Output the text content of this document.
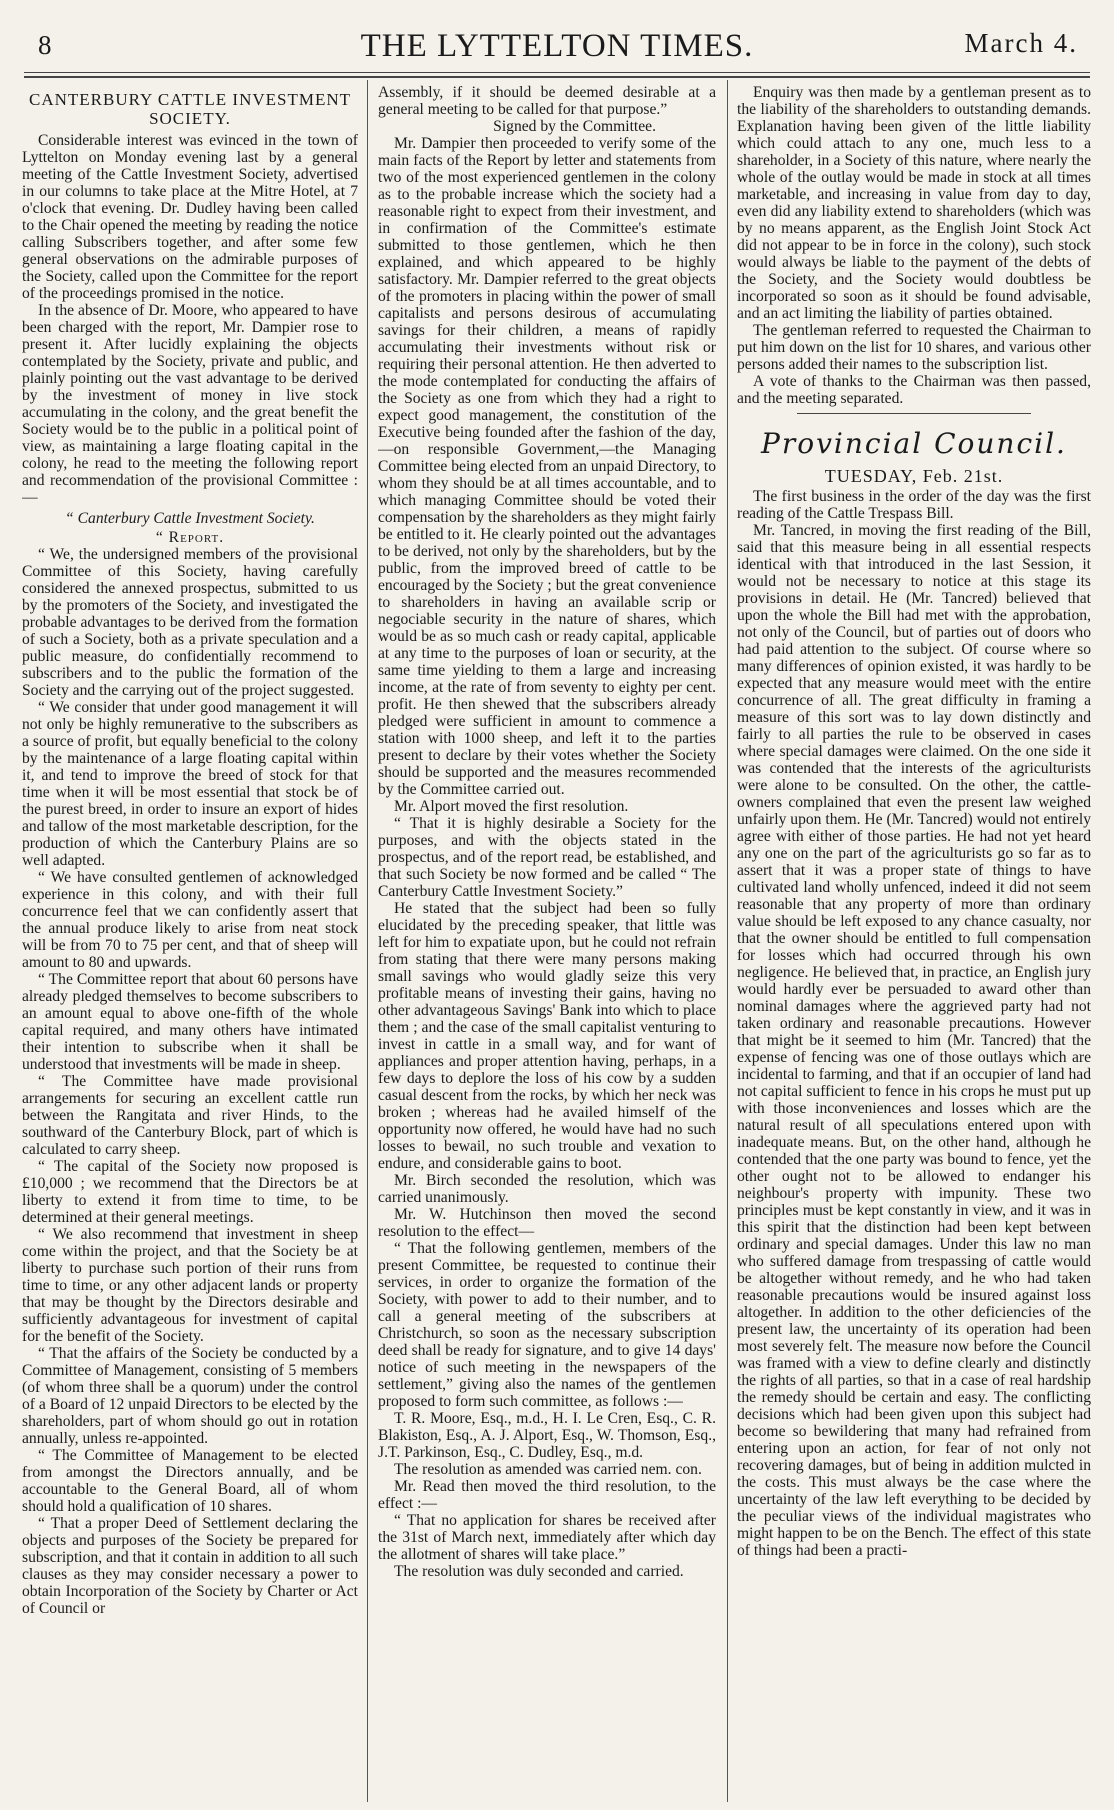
8	THE LYTTELTON TIMES.	March 4.

CANTERBURY CATTLE INVESTMENT SOCIETY.

Considerable interest was evinced in the town of Lyttelton on Monday evening last by a general meeting of the Cattle Investment Society, advertised in our columns to take place at the Mitre Hotel, at 7 o'clock that evening. Dr. Dudley having been called to the Chair opened the meeting by reading the notice calling Subscribers together, and after some few general observations on the admirable purposes of the Society, called upon the Committee for the report of the proceedings promised in the notice.

In the absence of Dr. Moore, who appeared to have been charged with the report, Mr. Dampier rose to present it. After lucidly explaining the objects contemplated by the Society, private and public, and plainly pointing out the vast advantage to be derived by the investment of money in live stock accumulating in the colony, and the great benefit the Society would be to the public in a political point of view, as maintaining a large floating capital in the colony, he read to the meeting the following report and recommendation of the provisional Committee :—

“ Canterbury Cattle Investment Society.

“ Report.

“ We, the undersigned members of the provisional Committee of this Society, having carefully considered the annexed prospectus, submitted to us by the promoters of the Society, and investigated the probable advantages to be derived from the formation of such a Society, both as a private speculation and a public measure, do confidentially recommend to subscribers and to the public the formation of the Society and the carrying out of the project suggested.

“ We consider that under good management it will not only be highly remunerative to the subscribers as a source of profit, but equally beneficial to the colony by the maintenance of a large floating capital within it, and tend to improve the breed of stock for that time when it will be most essential that stock be of the purest breed, in order to insure an export of hides and tallow of the most marketable description, for the production of which the Canterbury Plains are so well adapted.

“ We have consulted gentlemen of acknowledged experience in this colony, and with their full concurrence feel that we can confidently assert that the annual produce likely to arise from neat stock will be from 70 to 75 per cent, and that of sheep will amount to 80 and upwards.

“ The Committee report that about 60 persons have already pledged themselves to become subscribers to an amount equal to above one-fifth of the whole capital required, and many others have intimated their intention to subscribe when it shall be understood that investments will be made in sheep.

“ The Committee have made provisional arrangements for securing an excellent cattle run between the Rangitata and river Hinds, to the southward of the Canterbury Block, part of which is calculated to carry sheep.

“ The capital of the Society now proposed is £10,000 ; we recommend that the Directors be at liberty to extend it from time to time, to be determined at their general meetings.

“ We also recommend that investment in sheep come within the project, and that the Society be at liberty to purchase such portion of their runs from time to time, or any other adjacent lands or property that may be thought by the Directors desirable and sufficiently advantageous for investment of capital for the benefit of the Society.

“ That the affairs of the Society be conducted by a Committee of Management, consisting of 5 members (of whom three shall be a quorum) under the control of a Board of 12 unpaid Directors to be elected by the shareholders, part of whom should go out in rotation annually, unless re-appointed.

“ The Committee of Management to be elected from amongst the Directors annually, and be accountable to the General Board, all of whom should hold a qualification of 10 shares.

“ That a proper Deed of Settlement declaring the objects and purposes of the Society be prepared for subscription, and that it contain in addition to all such clauses as they may consider necessary a power to obtain Incorporation of the Society by Charter or Act of Council or

Assembly, if it should be deemed desirable at a general meeting to be called for that purpose.”

Signed by the Committee.

Mr. Dampier then proceeded to verify some of the main facts of the Report by letter and statements from two of the most experienced gentlemen in the colony as to the probable increase which the society had a reasonable right to expect from their investment, and in confirmation of the Committee's estimate submitted to those gentlemen, which he then explained, and which appeared to be highly satisfactory. Mr. Dampier referred to the great objects of the promoters in placing within the power of small capitalists and persons desirous of accumulating savings for their children, a means of rapidly accumulating their investments without risk or requiring their personal attention. He then adverted to the mode contemplated for conducting the affairs of the Society as one from which they had a right to expect good management, the constitution of the Executive being founded after the fashion of the day,—on responsible Government,—the Managing Committee being elected from an unpaid Directory, to whom they should be at all times accountable, and to which managing Committee should be voted their compensation by the shareholders as they might fairly be entitled to it. He clearly pointed out the advantages to be derived, not only by the shareholders, but by the public, from the improved breed of cattle to be encouraged by the Society ; but the great convenience to shareholders in having an available scrip or negociable security in the nature of shares, which would be as so much cash or ready capital, applicable at any time to the purposes of loan or security, at the same time yielding to them a large and increasing income, at the rate of from seventy to eighty per cent. profit. He then shewed that the subscribers already pledged were sufficient in amount to commence a station with 1000 sheep, and left it to the parties present to declare by their votes whether the Society should be supported and the measures recommended by the Committee carried out.

Mr. Alport moved the first resolution.

“ That it is highly desirable a Society for the purposes, and with the objects stated in the prospectus, and of the report read, be established, and that such Society be now formed and be called “ The Canterbury Cattle Investment Society.”

He stated that the subject had been so fully elucidated by the preceding speaker, that little was left for him to expatiate upon, but he could not refrain from stating that there were many persons making small savings who would gladly seize this very profitable means of investing their gains, having no other advantageous Savings' Bank into which to place them ; and the case of the small capitalist venturing to invest in cattle in a small way, and for want of appliances and proper attention having, perhaps, in a few days to deplore the loss of his cow by a sudden casual descent from the rocks, by which her neck was broken ; whereas had he availed himself of the opportunity now offered, he would have had no such losses to bewail, no such trouble and vexation to endure, and considerable gains to boot.

Mr. Birch seconded the resolution, which was carried unanimously.

Mr. W. Hutchinson then moved the second resolution to the effect—

“ That the following gentlemen, members of the present Committee, be requested to continue their services, in order to organize the formation of the Society, with power to add to their number, and to call a general meeting of the subscribers at Christchurch, so soon as the necessary subscription deed shall be ready for signature, and to give 14 days' notice of such meeting in the newspapers of the settlement,” giving also the names of the gentlemen proposed to form such committee, as follows :—

T. R. Moore, Esq., m.d., H. I. Le Cren, Esq., C. R. Blakiston, Esq., A. J. Alport, Esq., W. Thomson, Esq., J.T. Parkinson, Esq., C. Dudley, Esq., m.d.

The resolution as amended was carried nem. con.

Mr. Read then moved the third resolution, to the effect :—

“ That no application for shares be received after the 31st of March next, immediately after which day the allotment of shares will take place.”

The resolution was duly seconded and carried.

Enquiry was then made by a gentleman present as to the liability of the shareholders to outstanding demands. Explanation having been given of the little liability which could attach to any one, much less to a shareholder, in a Society of this nature, where nearly the whole of the outlay would be made in stock at all times marketable, and increasing in value from day to day, even did any liability extend to shareholders (which was by no means apparent, as the English Joint Stock Act did not appear to be in force in the colony), such stock would always be liable to the payment of the debts of the Society, and the Society would doubtless be incorporated so soon as it should be found advisable, and an act limiting the liability of parties obtained.

The gentleman referred to requested the Chairman to put him down on the list for 10 shares, and various other persons added their names to the subscription list.

A vote of thanks to the Chairman was then passed, and the meeting separated.

Provincial Council.

TUESDAY, Feb. 21st.

The first business in the order of the day was the first reading of the Cattle Trespass Bill.

Mr. Tancred, in moving the first reading of the Bill, said that this measure being in all essential respects identical with that introduced in the last Session, it would not be necessary to notice at this stage its provisions in detail. He (Mr. Tancred) believed that upon the whole the Bill had met with the approbation, not only of the Council, but of parties out of doors who had paid attention to the subject. Of course where so many differences of opinion existed, it was hardly to be expected that any measure would meet with the entire concurrence of all. The great difficulty in framing a measure of this sort was to lay down distinctly and fairly to all parties the rule to be observed in cases where special damages were claimed. On the one side it was contended that the interests of the agriculturists were alone to be consulted. On the other, the cattle-owners complained that even the present law weighed unfairly upon them. He (Mr. Tancred) would not entirely agree with either of those parties. He had not yet heard any one on the part of the agriculturists go so far as to assert that it was a proper state of things to have cultivated land wholly unfenced, indeed it did not seem reasonable that any property of more than ordinary value should be left exposed to any chance casualty, nor that the owner should be entitled to full compensation for losses which had occurred through his own negligence. He believed that, in practice, an English jury would hardly ever be persuaded to award other than nominal damages where the aggrieved party had not taken ordinary and reasonable precautions. However that might be it seemed to him (Mr. Tancred) that the expense of fencing was one of those outlays which are incidental to farming, and that if an occupier of land had not capital sufficient to fence in his crops he must put up with those inconveniences and losses which are the natural result of all speculations entered upon with inadequate means. But, on the other hand, although he contended that the one party was bound to fence, yet the other ought not to be allowed to endanger his neighbour's property with impunity. These two principles must be kept constantly in view, and it was in this spirit that the distinction had been kept between ordinary and special damages. Under this law no man who suffered damage from trespassing of cattle would be altogether without remedy, and he who had taken reasonable precautions would be insured against loss altogether. In addition to the other deficiencies of the present law, the uncertainty of its operation had been most severely felt. The measure now before the Council was framed with a view to define clearly and distinctly the rights of all parties, so that in a case of real hardship the remedy should be certain and easy. The conflicting decisions which had been given upon this subject had become so bewildering that many had refrained from entering upon an action, for fear of not only not recovering damages, but of being in addition mulcted in the costs. This must always be the case where the uncertainty of the law left everything to be decided by the peculiar views of the individual magistrates who might happen to be on the Bench. The effect of this state of things had been a practi-
